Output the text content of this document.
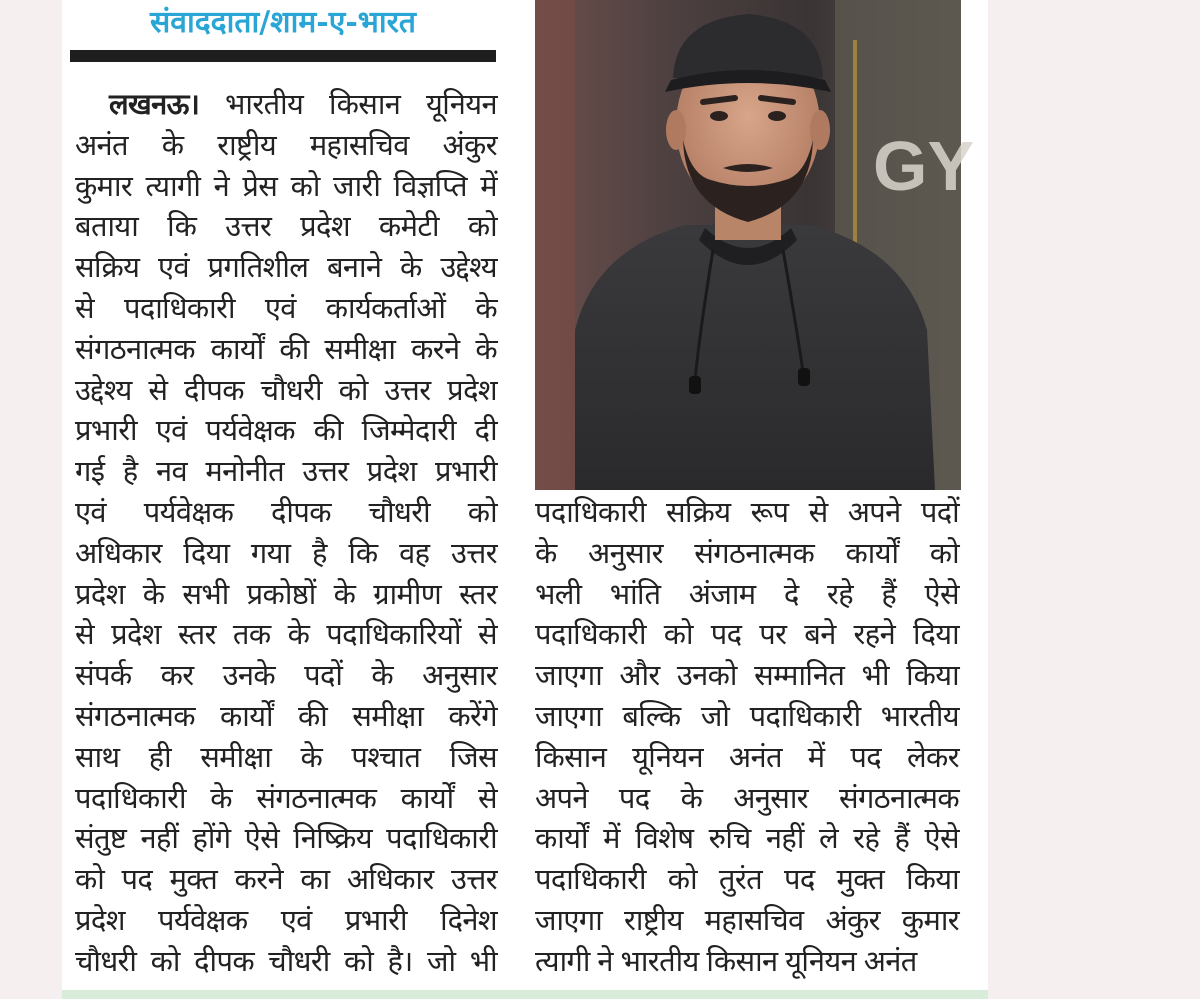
संवाददाता/शाम-ए-भारत
लखनऊ। भारतीय किसान यूनियन
अनंत के राष्ट्रीय महासचिव अंकुर
कुमार त्यागी ने प्रेस को जारी विज्ञप्ति में
बताया कि उत्तर प्रदेश कमेटी को
सक्रिय एवं प्रगतिशील बनाने के उद्देश्य
से पदाधिकारी एवं कार्यकर्ताओं के
संगठनात्मक कार्यों की समीक्षा करने के
उद्देश्य से दीपक चौधरी को उत्तर प्रदेश
प्रभारी एवं पर्यवेक्षक की जिम्मेदारी दी
गई है नव मनोनीत उत्तर प्रदेश प्रभारी
एवं पर्यवेक्षक दीपक चौधरी को
अधिकार दिया गया है कि वह उत्तर
प्रदेश के सभी प्रकोष्ठों के ग्रामीण स्तर
से प्रदेश स्तर तक के पदाधिकारियों से
संपर्क कर उनके पदों के अनुसार
संगठनात्मक कार्यों की समीक्षा करेंगे
साथ ही समीक्षा के पश्चात जिस
पदाधिकारी के संगठनात्मक कार्यों से
संतुष्ट नहीं होंगे ऐसे निष्क्रिय पदाधिकारी
को पद मुक्त करने का अधिकार उत्तर
प्रदेश पर्यवेक्षक एवं प्रभारी दिनेश
चौधरी को दीपक चौधरी को है। जो भी
GY
पदाधिकारी सक्रिय रूप से अपने पदों
के अनुसार संगठनात्मक कार्यों को
भली भांति अंजाम दे रहे हैं ऐसे
पदाधिकारी को पद पर बने रहने दिया
जाएगा और उनको सम्मानित भी किया
जाएगा बल्कि जो पदाधिकारी भारतीय
किसान यूनियन अनंत में पद लेकर
अपने पद के अनुसार संगठनात्मक
कार्यों में विशेष रुचि नहीं ले रहे हैं ऐसे
पदाधिकारी को तुरंत पद मुक्त किया
जाएगा राष्ट्रीय महासचिव अंकुर कुमार
त्यागी ने भारतीय किसान यूनियन अनंत
